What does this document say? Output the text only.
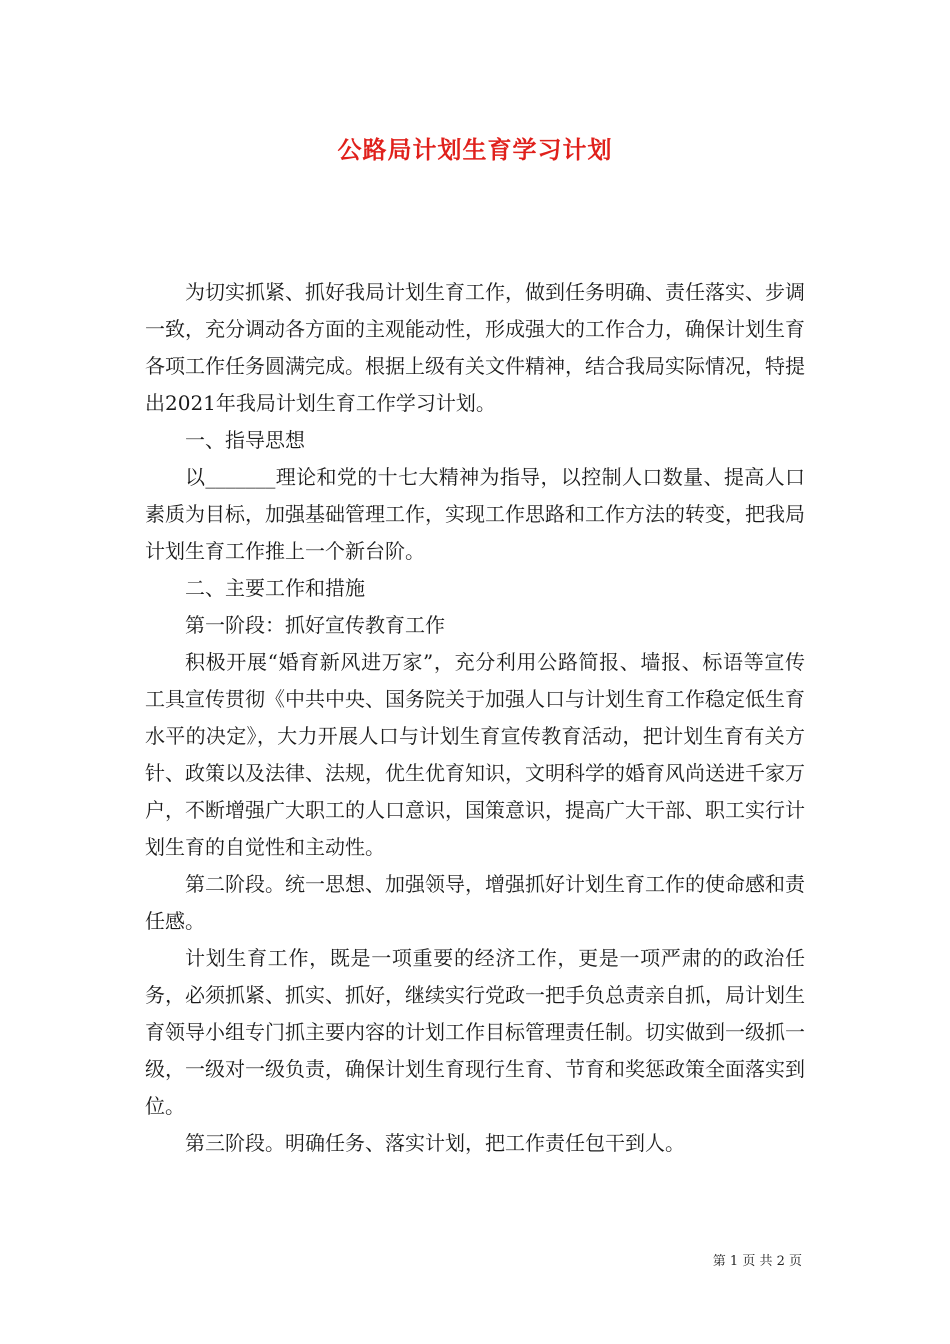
公路局计划生育学习计划

为切实抓紧、抓好我局计划生育工作，做到任务明确、责任落实、步调一致，充分调动各方面的主观能动性，形成强大的工作合力，确保计划生育各项工作任务圆满完成。根据上级有关文件精神，结合我局实际情况，特提出2021年我局计划生育工作学习计划。

一、指导思想

以_______理论和党的十七大精神为指导，以控制人口数量、提高人口素质为目标，加强基础管理工作，实现工作思路和工作方法的转变，把我局计划生育工作推上一个新台阶。

二、主要工作和措施

第一阶段：抓好宣传教育工作

积极开展“婚育新风进万家”，充分利用公路简报、墙报、标语等宣传工具宣传贯彻《中共中央、国务院关于加强人口与计划生育工作稳定低生育水平的决定》，大力开展人口与计划生育宣传教育活动，把计划生育有关方针、政策以及法律、法规，优生优育知识，文明科学的婚育风尚送进千家万户，不断增强广大职工的人口意识，国策意识，提高广大干部、职工实行计划生育的自觉性和主动性。

第二阶段。统一思想、加强领导，增强抓好计划生育工作的使命感和责任感。

计划生育工作，既是一项重要的经济工作，更是一项严肃的的政治任务，必须抓紧、抓实、抓好，继续实行党政一把手负总责亲自抓，局计划生育领导小组专门抓主要内容的计划工作目标管理责任制。切实做到一级抓一级，一级对一级负责，确保计划生育现行生育、节育和奖惩政策全面落实到位。

第三阶段。明确任务、落实计划，把工作责任包干到人。

第 1 页 共 2 页
